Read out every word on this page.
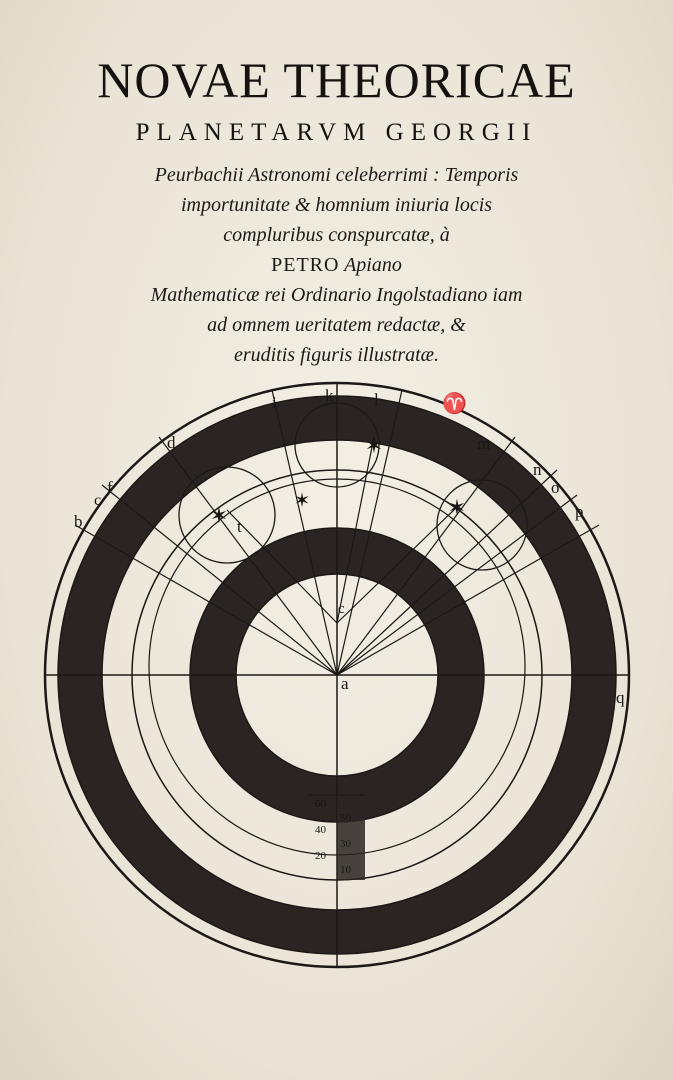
NOVAE THEORICAE
PLANETARVM GEORGII
Peurbachii Astronomi celeberrimi : Temporis
importunitate & homnium iniuria locis
compluribus conspurcatæ, à
PETRO Apiano
Mathematicæ rei Ordinario Ingolstadiano iam
ad omnem ueritatem redactæ, &
eruditis figuris illustratæ.
✶
✶
✶
✶
b
c
f
d
i	k l	♈
m
n
o
p
q
t
c
a
60
50
40
30
20
10
